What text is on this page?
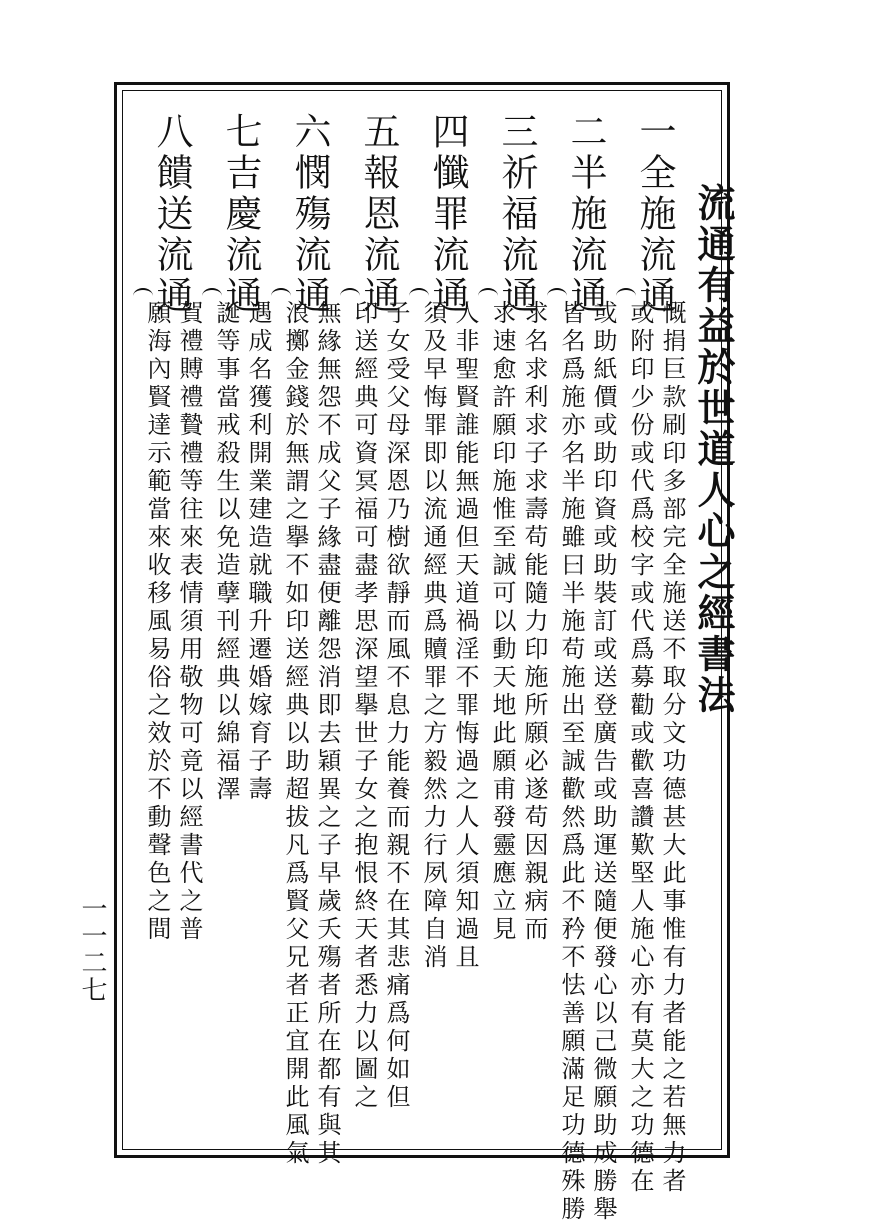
流通有益於世道人心之經書法
一全施流通
慨捐巨款刷印多部完全施送不取分文功德甚大此事惟有力者能之若無力者
或附印少份或代爲校字或代爲募勸或歡喜讚歎堅人施心亦有莫大之功德在
二半施流通
或助紙價或助印資或助裝訂或送登廣告或助運送隨便發心以己微願助成勝舉
皆名爲施亦名半施雖曰半施苟施出至誠歡然爲此不矜不怯善願滿足功德殊勝
三祈福流通
求名求利求子求壽苟能隨力印施所願必遂苟因親病而
求速愈許願印施惟至誠可以動天地此願甫發靈應立見
四懺罪流通
人非聖賢誰能無過但天道禍淫不罪悔過之人人須知過且
須及早悔罪即以流通經典爲贖罪之方毅然力行夙障自消
五報恩流通
子女受父母深恩乃樹欲靜而風不息力能養而親不在其悲痛爲何如但
印送經典可資冥福可盡孝思深望擧世子女之抱恨終天者悉力以圖之
六憫殤流通
無緣無怨不成父子緣盡便離怨消即去穎異之子早歲夭殤者所在都有與其
浪擲金錢於無謂之擧不如印送經典以助超拔凡爲賢父兄者正宜開此風氣
七吉慶流通
遇成名獲利開業建造就職升遷婚嫁育子壽
誕等事當戒殺生以免造孽刊經典以綿福澤
八饋送流通
賀禮賻禮贄禮等往來表情須用敬物可竟以經書代之普
願海內賢達示範當來收移風易俗之效於不動聲色之間
一一二七
